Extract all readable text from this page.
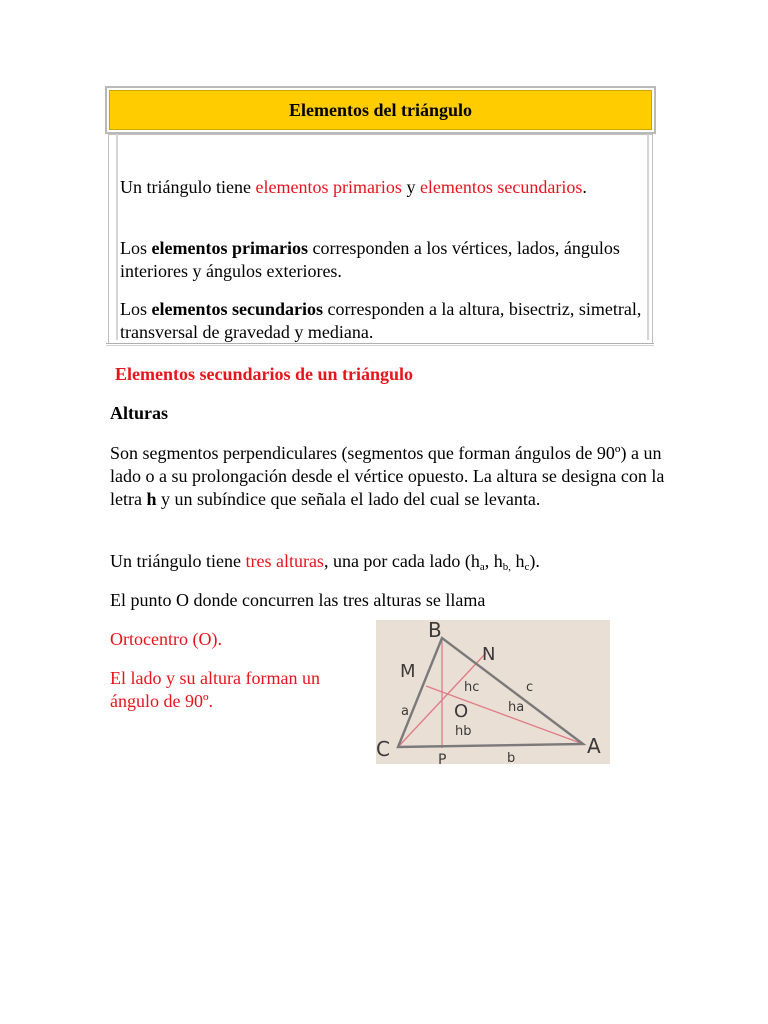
Elementos del triángulo

Un triángulo tiene elementos primarios y elementos secundarios.

Los elementos primarios corresponden a los vértices, lados, ángulos interiores y ángulos exteriores.

Los elementos secundarios corresponden a la altura, bisectriz, simetral, transversal de gravedad y mediana.

Elementos secundarios de un triángulo
Alturas

Son segmentos perpendiculares (segmentos que forman ángulos de 90º) a un lado o a su prolongación desde el vértice opuesto. La altura se designa con la letra h y un subíndice que señala el lado del cual se levanta.

Un triángulo tiene tres alturas, una por cada lado ($h_a$, $h_{b,}$ $h_c$).

El punto O donde concurren las tres alturas se llama

Ortocentro (O).

El lado y su altura forman un ángulo de 90º.

B
N
M
hc	c
a	O	ha
hb
C	A
P	b
